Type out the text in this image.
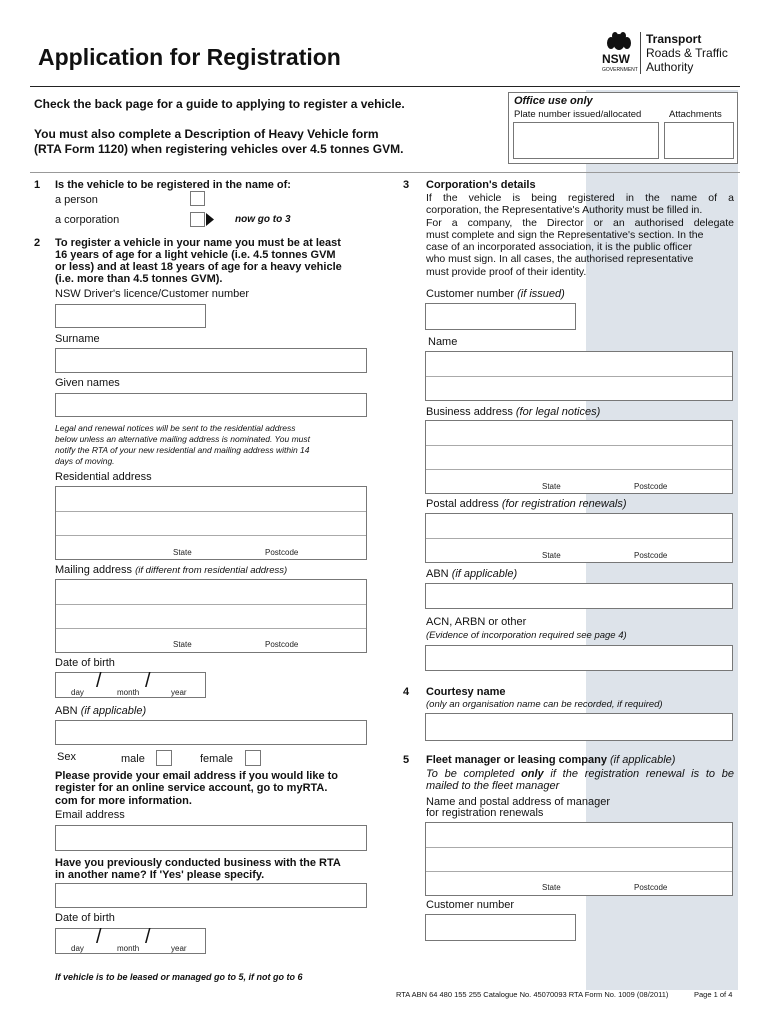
Application for Registration	NSW
GOVERNMENT
Transport
Roads & Traffic
Authority
Check the back page for a guide to applying to register a vehicle.
You must also complete a Description of Heavy Vehicle form
(RTA Form 1120) when registering vehicles over 4.5 tonnes GVM.
Office use only
Plate number issued/allocated	Attachments
1 Is the vehicle to be registered in the name of:
a person
a corporation	now go to 3
2 To register a vehicle in your name you must be at least
16 years of age for a light vehicle (i.e. 4.5 tonnes GVM
or less) and at least 18 years of age for a heavy vehicle
(i.e. more than 4.5 tonnes GVM).
NSW Driver's licence/Customer number
Surname
Given names
Legal and renewal notices will be sent to the residential address
below unless an alternative mailing address is nominated. You must
notify the RTA of your new residential and mailing address within 14
days of moving.
Residential address
State	Postcode
Mailing address (if different from residential address)
State	Postcode
Date of birth
/ /
day	month	year
ABN (if applicable)
Sex	male	female
Please provide your email address if you would like to
register for an online service account, go to myRTA.
com for more information.
Email address
Have you previously conducted business with the RTA
in another name? If 'Yes' please specify.
Date of birth
/ /
day	month	year
If vehicle is to be leased or managed go to 5, if not go to 6
3 Corporation's details
If the vehicle is being registered in the name of a
corporation, the Representative's Authority must be filled in.
For a company, the Director or an authorised delegate
must complete and sign the Representative's section. In the
case of an incorporated association, it is the public officer
who must sign. In all cases, the authorised representative
must provide proof of their identity.
Customer number (if issued)
Name
Business address (for legal notices)
State	Postcode
Postal address (for registration renewals)
State	Postcode
ABN (if applicable)
ACN, ARBN or other
(Evidence of incorporation required see page 4)
4 Courtesy name
(only an organisation name can be recorded, if required)
5 Fleet manager or leasing company (if applicable)
To be completed only if the registration renewal is to be
mailed to the fleet manager
Name and postal address of manager
for registration renewals
State	Postcode
Customer number
RTA ABN 64 480 155 255 Catalogue No. 45070093 RTA Form No. 1009 (08/2011)	Page 1 of 4
